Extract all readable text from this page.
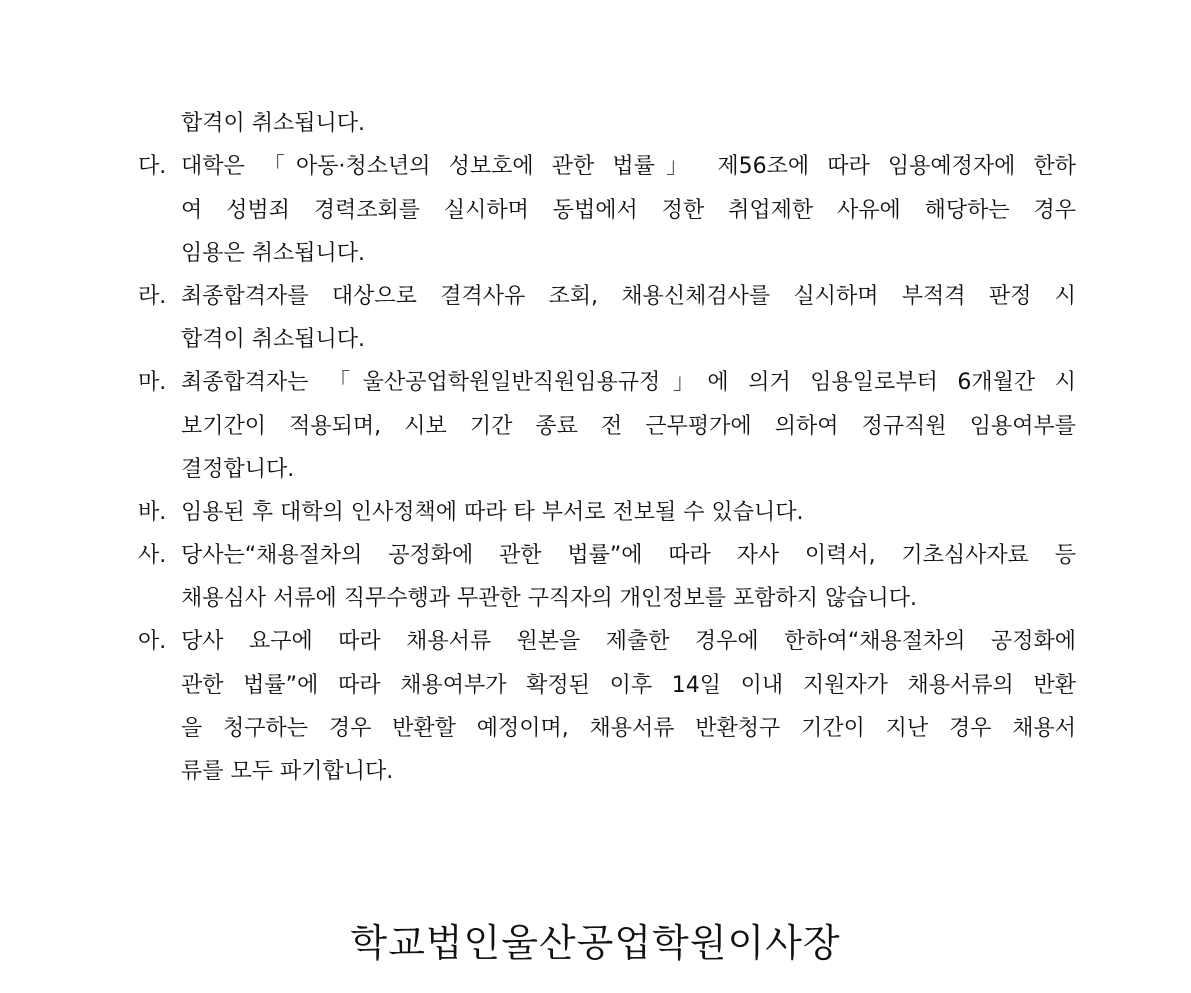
합격이 취소됩니다.
다. 대학은 「아동·청소년의 성보호에 관한 법률」 제56조에 따라 임용예정자에 한하
여 성범죄 경력조회를 실시하며 동법에서 정한 취업제한 사유에 해당하는 경우
임용은 취소됩니다.
라. 최종합격자를 대상으로 결격사유 조회, 채용신체검사를 실시하며 부적격 판정 시
합격이 취소됩니다.
마. 최종합격자는 「울산공업학원일반직원임용규정」에 의거 임용일로부터 6개월간 시
보기간이 적용되며, 시보 기간 종료 전 근무평가에 의하여 정규직원 임용여부를
결정합니다.
바. 임용된 후 대학의 인사정책에 따라 타 부서로 전보될 수 있습니다.
사. 당사는“채용절차의 공정화에 관한 법률”에 따라 자사 이력서, 기초심사자료 등
채용심사 서류에 직무수행과 무관한 구직자의 개인정보를 포함하지 않습니다.
아. 당사 요구에 따라 채용서류 원본을 제출한 경우에 한하여“채용절차의 공정화에
관한 법률”에 따라 채용여부가 확정된 이후 14일 이내 지원자가 채용서류의 반환
을 청구하는 경우 반환할 예정이며, 채용서류 반환청구 기간이 지난 경우 채용서
류를 모두 파기합니다.
학교법인울산공업학원이사장
